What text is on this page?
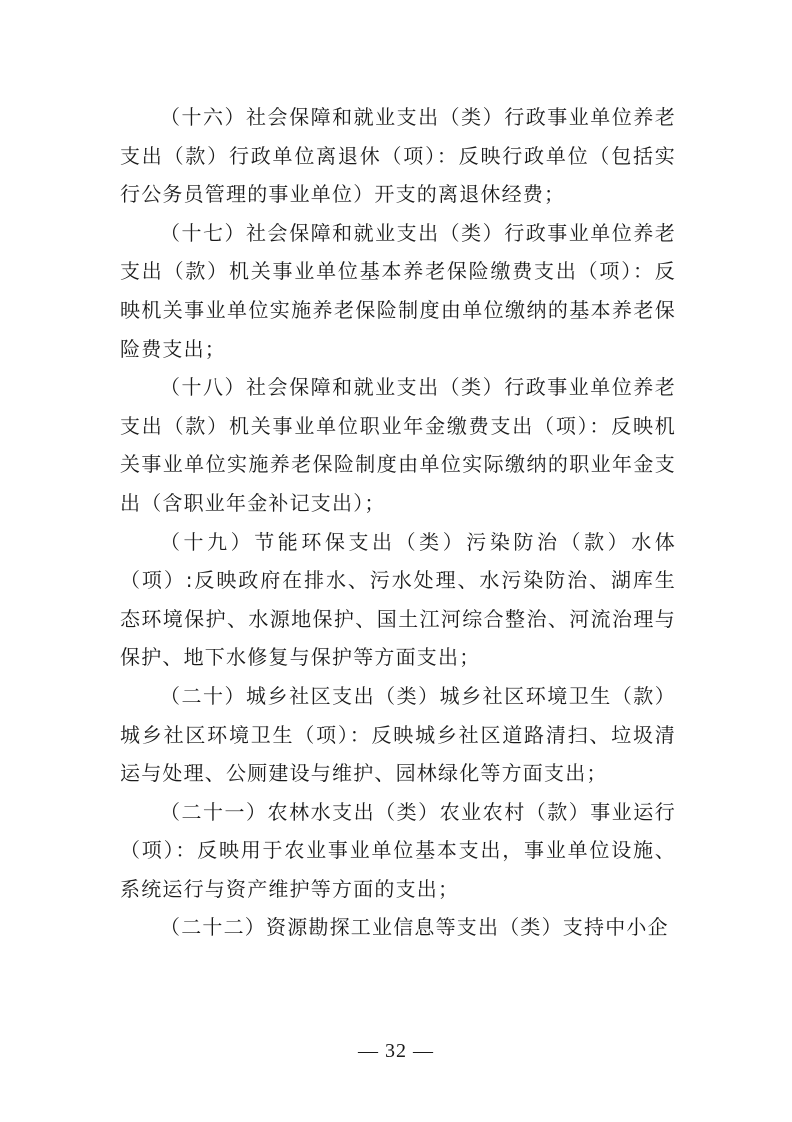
（十六）社会保障和就业支出（类）行政事业单位养老支出（款）行政单位离退休（项）：反映行政单位（包括实行公务员管理的事业单位）开支的离退休经费；

（十七）社会保障和就业支出（类）行政事业单位养老支出（款）机关事业单位基本养老保险缴费支出（项）：反映机关事业单位实施养老保险制度由单位缴纳的基本养老保险费支出；

（十八）社会保障和就业支出（类）行政事业单位养老支出（款）机关事业单位职业年金缴费支出（项）：反映机关事业单位实施养老保险制度由单位实际缴纳的职业年金支出（含职业年金补记支出）；

（十九）节能环保支出（类）污染防治（款）水体（项）:反映政府在排水、污水处理、水污染防治、湖库生态环境保护、水源地保护、国土江河综合整治、河流治理与保护、地下水修复与保护等方面支出；

（二十）城乡社区支出（类）城乡社区环境卫生（款）城乡社区环境卫生（项）：反映城乡社区道路清扫、垃圾清运与处理、公厕建设与维护、园林绿化等方面支出；

（二十一）农林水支出（类）农业农村（款）事业运行（项）：反映用于农业事业单位基本支出，事业单位设施、系统运行与资产维护等方面的支出；

（二十二）资源勘探工业信息等支出（类）支持中小企

— 32 —
